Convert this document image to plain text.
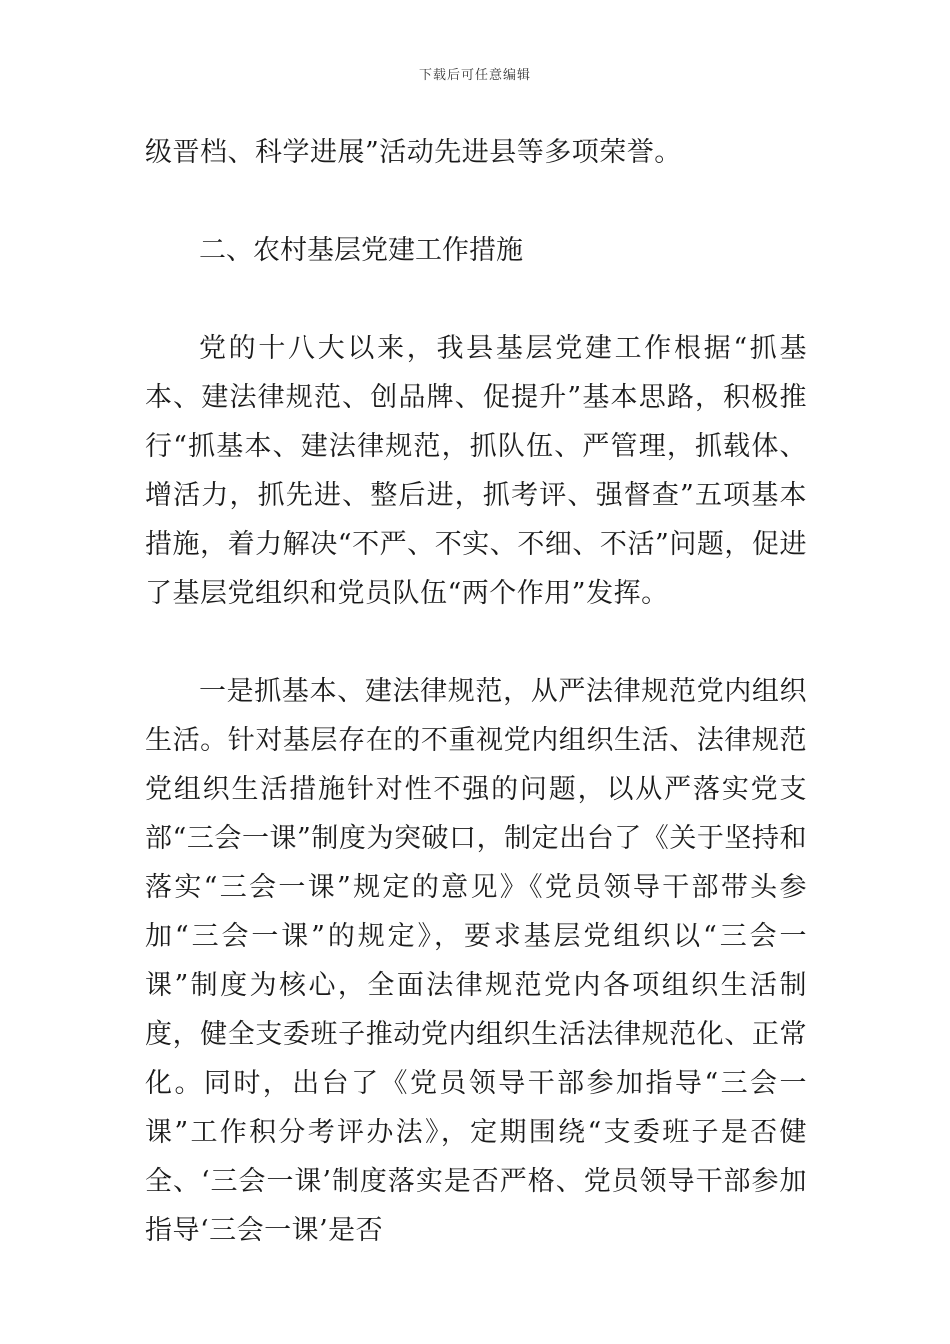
下载后可任意编辑

级晋档、科学进展”活动先进县等多项荣誉。

二、农村基层党建工作措施

党的十八大以来，我县基层党建工作根据“抓基本、建法律规范、创品牌、促提升”基本思路，积极推行“抓基本、建法律规范，抓队伍、严管理，抓载体、增活力，抓先进、整后进，抓考评、强督查”五项基本措施，着力解决“不严、不实、不细、不活”问题，促进了基层党组织和党员队伍“两个作用”发挥。

一是抓基本、建法律规范，从严法律规范党内组织生活。针对基层存在的不重视党内组织生活、法律规范党组织生活措施针对性不强的问题，以从严落实党支部“三会一课”制度为突破口，制定出台了《关于坚持和落实“三会一课”规定的意见》《党员领导干部带头参加“三会一课”的规定》，要求基层党组织以“三会一课”制度为核心，全面法律规范党内各项组织生活制度，健全支委班子推动党内组织生活法律规范化、正常化。同时，出台了《党员领导干部参加指导“三会一课”工作积分考评办法》，定期围绕“支委班子是否健全、‘三会一课’制度落实是否严格、党员领导干部参加指导‘三会一课’是否
